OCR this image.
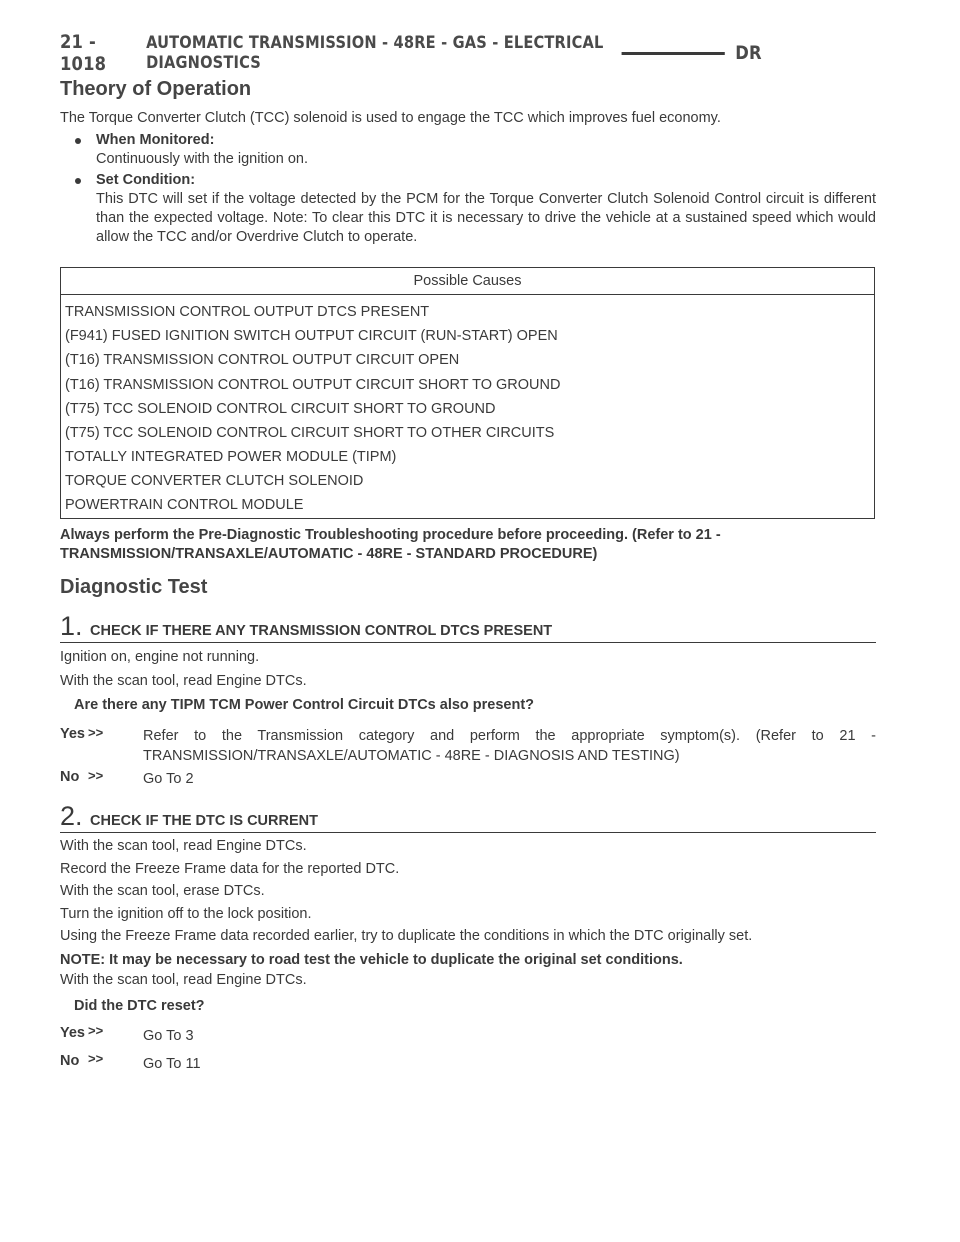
21 - 1018
AUTOMATIC TRANSMISSION - 48RE - GAS - ELECTRICAL DIAGNOSTICS	DR
Theory of Operation
The Torque Converter Clutch (TCC) solenoid is used to engage the TCC which improves fuel economy.
When Monitored:
Continuously with the ignition on.
Set Condition:
This DTC will set if the voltage detected by the PCM for the Torque Converter Clutch Solenoid Control circuit is different than the expected voltage. Note: To clear this DTC it is necessary to drive the vehicle at a sustained speed which would allow the TCC and/or Overdrive Clutch to operate.
Possible Causes
TRANSMISSION CONTROL OUTPUT DTCS PRESENT
(F941) FUSED IGNITION SWITCH OUTPUT CIRCUIT (RUN-START) OPEN
(T16) TRANSMISSION CONTROL OUTPUT CIRCUIT OPEN
(T16) TRANSMISSION CONTROL OUTPUT CIRCUIT SHORT TO GROUND
(T75) TCC SOLENOID CONTROL CIRCUIT SHORT TO GROUND
(T75) TCC SOLENOID CONTROL CIRCUIT SHORT TO OTHER CIRCUITS
TOTALLY INTEGRATED POWER MODULE (TIPM)
TORQUE CONVERTER CLUTCH SOLENOID
POWERTRAIN CONTROL MODULE
Always perform the Pre-Diagnostic Troubleshooting procedure before proceeding. (Refer to 21 - TRANSMISSION/TRANSAXLE/AUTOMATIC - 48RE - STANDARD PROCEDURE)
Diagnostic Test
1. CHECK IF THERE ANY TRANSMISSION CONTROL DTCS PRESENT
Ignition on, engine not running.
With the scan tool, read Engine DTCs.
Are there any TIPM TCM Power Control Circuit DTCs also present?
Yes >>	Refer to the Transmission category and perform the appropriate symptom(s). (Refer to 21 - TRANSMISSION/TRANSAXLE/AUTOMATIC - 48RE - DIAGNOSIS AND TESTING)
No >>	Go To 2
2. CHECK IF THE DTC IS CURRENT
With the scan tool, read Engine DTCs.
Record the Freeze Frame data for the reported DTC.
With the scan tool, erase DTCs.
Turn the ignition off to the lock position.
Using the Freeze Frame data recorded earlier, try to duplicate the conditions in which the DTC originally set.
NOTE: It may be necessary to road test the vehicle to duplicate the original set conditions.
With the scan tool, read Engine DTCs.
Did the DTC reset?
Yes >>	Go To 3
No >>	Go To 11
